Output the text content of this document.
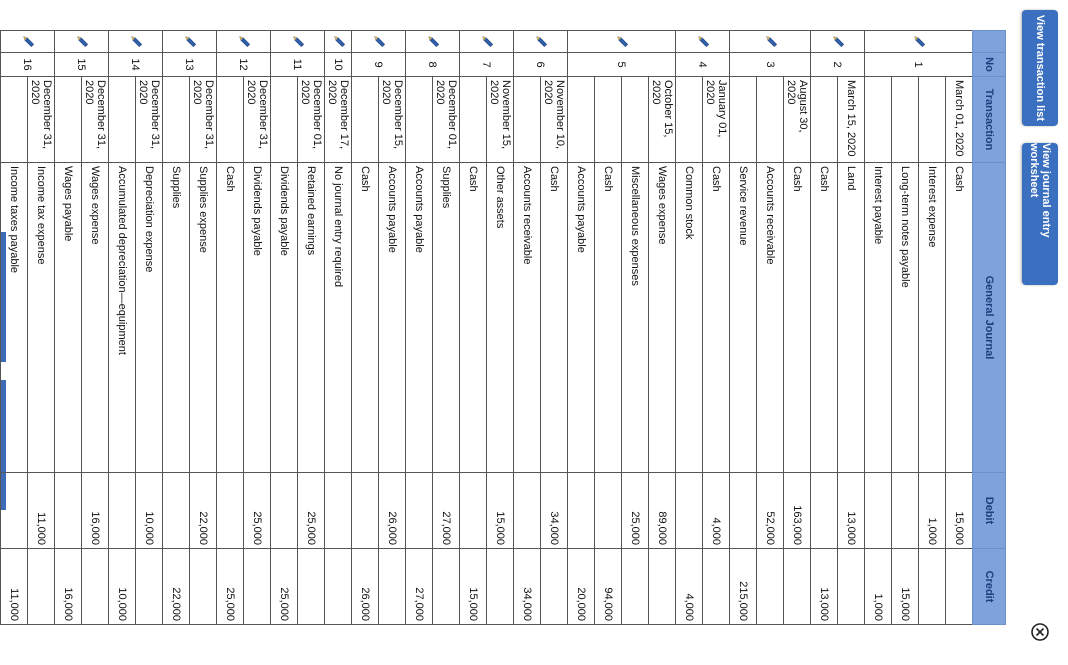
View transaction list
View journal entry worksheet
	No	Transaction	General Journal	Debit	Credit
	1	March 01, 2020	Cash	15,000	
			Interest expense	1,000	
			Long-term notes payable		15,000
			Interest payable		1,000
	2	March 15, 2020	Land	13,000	
			Cash		13,000
	3	August 30, 2020	Cash	163,000	
			Accounts receivable	52,000	
			Service revenue		215,000
	4	January 01, 2020	Cash	4,000	
			Common stock		4,000
	5	October 15, 2020	Wages expense	89,000	
			Miscellaneous expenses	25,000	
			Cash		94,000
			Accounts payable		20,000
	6	November 10, 2020	Cash	34,000	
			Accounts receivable		34,000
	7	November 15, 2020	Other assets	15,000	
			Cash		15,000
	8	December 01, 2020	Supplies	27,000	
			Accounts payable		27,000
	9	December 15, 2020	Accounts payable	26,000	
			Cash		26,000
	10	December 17, 2020	No journal entry required		
	11	December 01, 2020	Retained earnings	25,000	
			Dividends payable		25,000
	12	December 31, 2020	Dividends payable	25,000	
			Cash		25,000
	13	December 31, 2020	Supplies expense	22,000	
			Supplies		22,000
	14	December 31, 2020	Depreciation expense	10,000	
			Accumulated depreciation—equipment		10,000
	15	December 31, 2020	Wages expense	16,000	
			Wages payable		16,000
	16	December 31, 2020	Income tax expense	11,000	
			Income taxes payable		11,000
